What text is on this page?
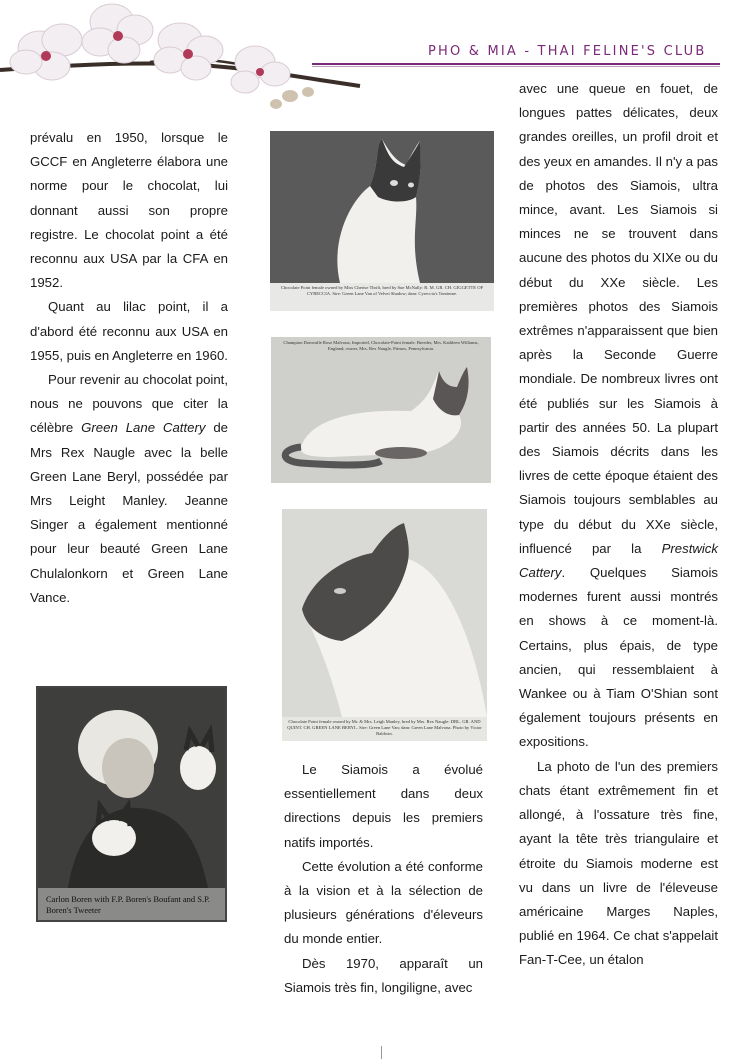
PHO & MIA - THAI FELINE'S CLUB

prévalu en 1950, lorsque le GCCF en Angleterre élabora une norme pour le chocolat, lui donnant aussi son propre registre. Le chocolat point a été reconnu aux USA par la CFA en 1952.

Quant au lilac point, il a d'abord été reconnu aux USA en 1955, puis en Angleterre en 1960.

Pour revenir au chocolat point, nous ne pouvons que citer la célèbre Green Lane Cattery de Mrs Rex Naugle avec la belle Green Lane Beryl, possédée par Mrs Leight Manley. Jeanne Singer a également mentionné pour leur beauté Green Lane Chulalonkorn et Green Lane Vance.

Chocolate Point female owned by Miss Cherise Thrift, bred by Sue McNally: R. M. GR. CH. GIGGETTE OF CYRECCIA. Sire: Green Lane Van of Velvet Shadow; dam: Cyreccia's Tontinine.
Champion Domvalle Rose Malvona, Imported, Chocolate-Point female. Breeder, Mrs. Kathleen Williams, England; owner, Mrs. Rex Naugle, Primos, Pennsylvania.
Chocolate Point female owned by Mr. & Mrs. Leigh Manley, bred by Mrs. Rex Naugle: DBL. GR. AND QUINT. CH. GREEN LANE BERYL. Sire: Green Lane Van; dam: Green Lane Malvona. Photo by Victor Baldwin.
Carlon Boren with F.P. Boren's Boufant and S.P. Boren's Tweeter

Le Siamois a évolué essentiellement dans deux directions depuis les premiers natifs importés.

Cette évolution a été conforme à la vision et à la sélection de plusieurs générations d'éleveurs du monde entier.

Dès 1970, apparaît un Siamois très fin, longiligne, avec

avec une queue en fouet, de longues pattes délicates, deux grandes oreilles, un profil droit et des yeux en amandes. Il n'y a pas de photos des Siamois, ultra mince, avant. Les Siamois si minces ne se trouvent dans aucune des photos du XIXe ou du début du XXe siècle. Les premières photos des Siamois extrêmes n'apparaissent que bien après la Seconde Guerre mondiale. De nombreux livres ont été publiés sur les Siamois à partir des années 50. La plupart des Siamois décrits dans les livres de cette époque étaient des Siamois toujours semblables au type du début du XXe siècle, influencé par la Prestwick Cattery. Quelques Siamois modernes furent aussi montrés en shows à ce moment-là. Certains, plus épais, de type ancien, qui ressemblaient à Wankee ou à Tiam O'Shian sont également toujours présents en expositions.

La photo de l'un des premiers chats étant extrêmement fin et allongé, à l'ossature très fine, ayant la tête très triangulaire et étroite du Siamois moderne est vu dans un livre de l'éleveuse américaine Marges Naples, publié en 1964. Ce chat s'appelait Fan-T-Cee, un étalon
